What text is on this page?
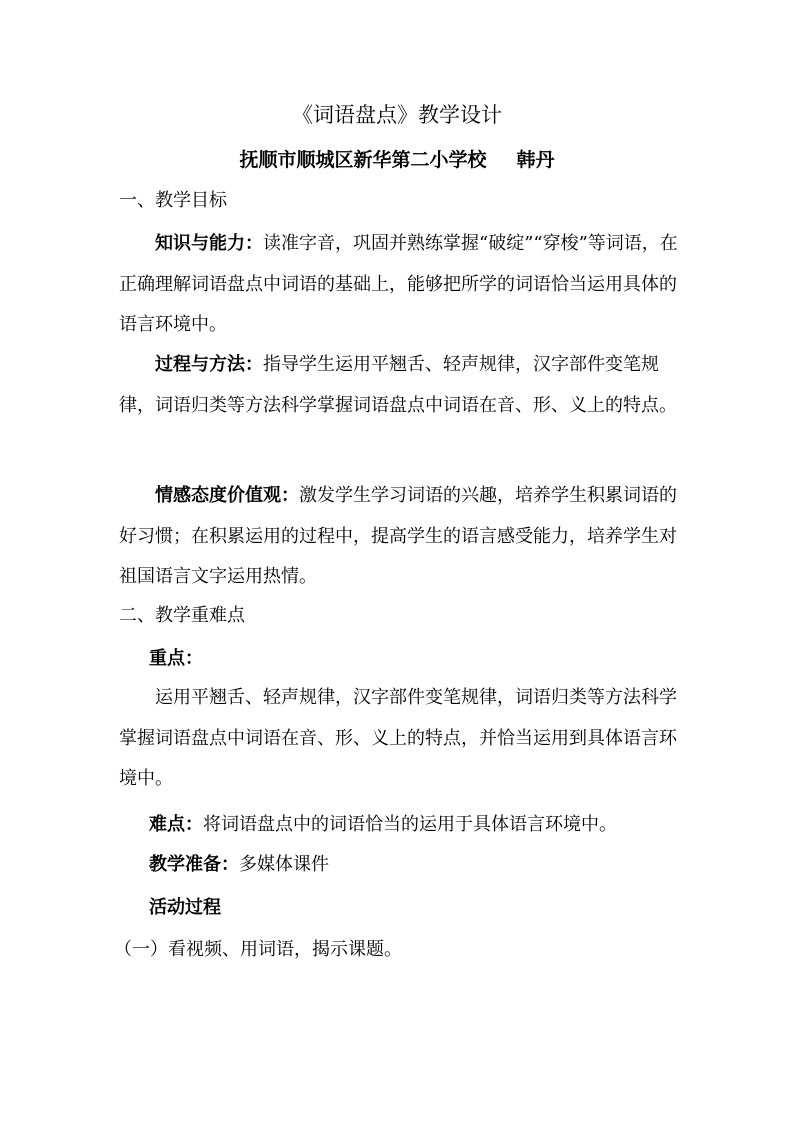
《词语盘点》教学设计
抚顺市顺城区新华第二小学校 韩丹
一、教学目标
知识与能力：读准字音，巩固并熟练掌握“破绽”“穿梭”等词语，在正确理解词语盘点中词语的基础上，能够把所学的词语恰当运用具体的语言环境中。
过程与方法：指导学生运用平翘舌、轻声规律，汉字部件变笔规律，词语归类等方法科学掌握词语盘点中词语在音、形、义上的特点。
情感态度价值观：激发学生学习词语的兴趣，培养学生积累词语的好习惯；在积累运用的过程中，提高学生的语言感受能力，培养学生对祖国语言文字运用热情。
二、教学重难点
重点：
运用平翘舌、轻声规律，汉字部件变笔规律，词语归类等方法科学掌握词语盘点中词语在音、形、义上的特点，并恰当运用到具体语言环境中。
难点：将词语盘点中的词语恰当的运用于具体语言环境中。
教学准备：多媒体课件
活动过程
（一）看视频、用词语，揭示课题。
